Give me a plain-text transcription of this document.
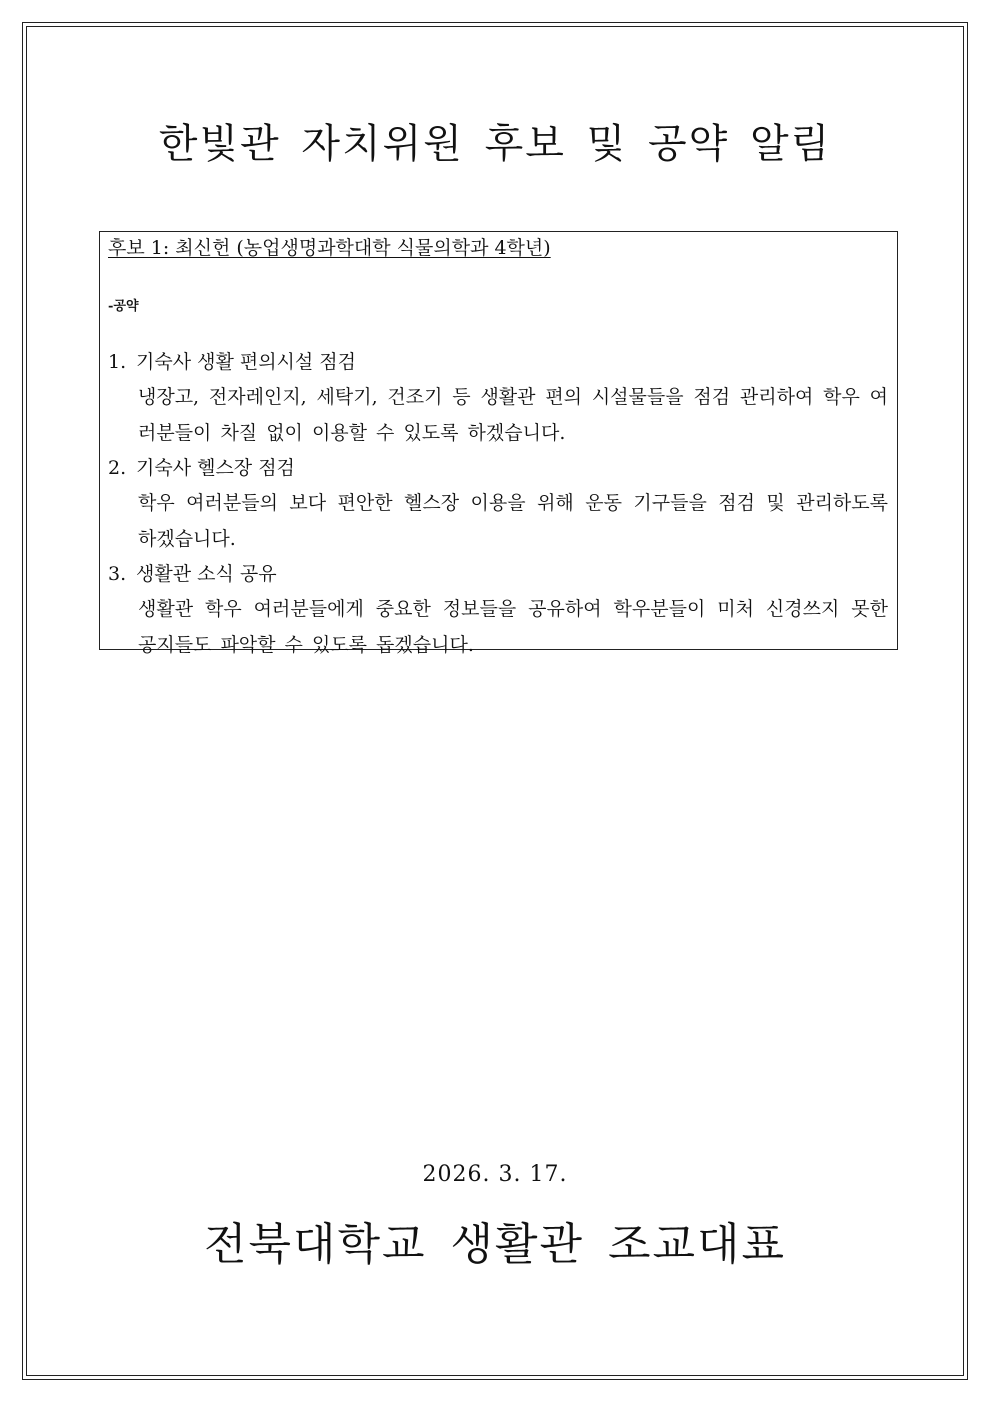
한빛관 자치위원 후보 및 공약 알림
후보 1: 최신헌 (농업생명과학대학 식물의학과 4학년)
-공약
1. 기숙사 생활 편의시설 점검
냉장고, 전자레인지, 세탁기, 건조기 등 생활관 편의 시설물들을 점검 관리하여 학우 여러분들이 차질 없이 이용할 수 있도록 하겠습니다.
2. 기숙사 헬스장 점검
학우 여러분들의 보다 편안한 헬스장 이용을 위해 운동 기구들을 점검 및 관리하도록 하겠습니다.
3. 생활관 소식 공유
생활관 학우 여러분들에게 중요한 정보들을 공유하여 학우분들이 미처 신경쓰지 못한 공지들도 파악할 수 있도록 돕겠습니다.
2026. 3. 17.
전북대학교 생활관 조교대표
